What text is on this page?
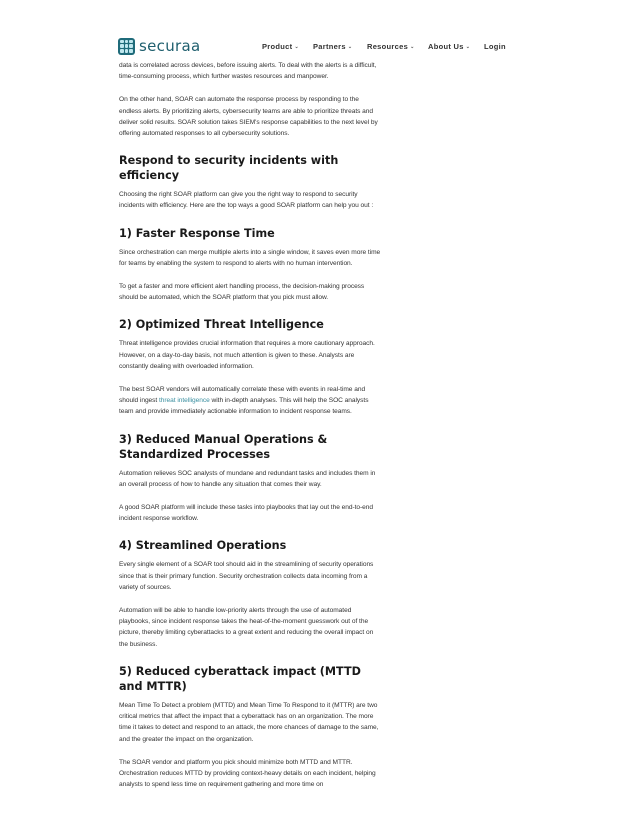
securaa	Product ⌄ Partners ⌄ Resources ⌄ About Us ⌄ Login

data is correlated across devices, before issuing alerts. To deal with the alerts is a difficult, time-consuming process, which further wastes resources and manpower.

On the other hand, SOAR can automate the response process by responding to the endless alerts. By prioritizing alerts, cybersecurity teams are able to prioritize threats and deliver solid results. SOAR solution takes SIEM's response capabilities to the next level by offering automated responses to all cybersecurity solutions.

Respond to security incidents with efficiency

Choosing the right SOAR platform can give you the right way to respond to security incidents with efficiency. Here are the top ways a good SOAR platform can help you out :

1) Faster Response Time

Since orchestration can merge multiple alerts into a single window, it saves even more time for teams by enabling the system to respond to alerts with no human intervention.

To get a faster and more efficient alert handling process, the decision-making process should be automated, which the SOAR platform that you pick must allow.

2) Optimized Threat Intelligence

Threat intelligence provides crucial information that requires a more cautionary approach. However, on a day-to-day basis, not much attention is given to these. Analysts are constantly dealing with overloaded information.

The best SOAR vendors will automatically correlate these with events in real-time and should ingest threat intelligence with in-depth analyses. This will help the SOC analysts team and provide immediately actionable information to incident response teams.

3) Reduced Manual Operations & Standardized Processes

Automation relieves SOC analysts of mundane and redundant tasks and includes them in an overall process of how to handle any situation that comes their way.

A good SOAR platform will include these tasks into playbooks that lay out the end-to-end incident response workflow.

4) Streamlined Operations

Every single element of a SOAR tool should aid in the streamlining of security operations since that is their primary function. Security orchestration collects data incoming from a variety of sources.

Automation will be able to handle low-priority alerts through the use of automated playbooks, since incident response takes the heat-of-the-moment guesswork out of the picture, thereby limiting cyberattacks to a great extent and reducing the overall impact on the business.

5) Reduced cyberattack impact (MTTD and MTTR)

Mean Time To Detect a problem (MTTD) and Mean Time To Respond to it (MTTR) are two critical metrics that affect the impact that a cyberattack has on an organization. The more time it takes to detect and respond to an attack, the more chances of damage to the same, and the greater the impact on the organization.

The SOAR vendor and platform you pick should minimize both MTTD and MTTR. Orchestration reduces MTTD by providing context-heavy details on each incident, helping analysts to spend less time on requirement gathering and more time on
